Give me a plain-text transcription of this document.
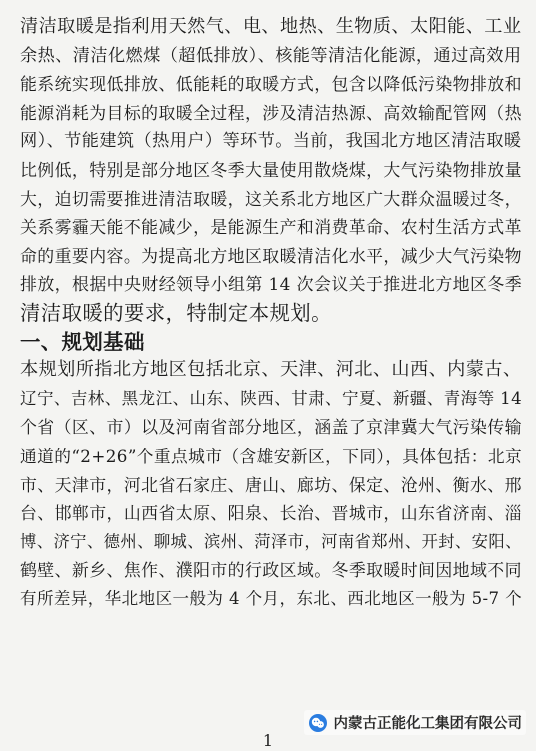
清洁取暖是指利用天然气、电、地热、生物质、太阳能、工业
余热、清洁化燃煤（超低排放）、核能等清洁化能源，通过高效用
能系统实现低排放、低能耗的取暖方式，包含以降低污染物排放和
能源消耗为目标的取暖全过程，涉及清洁热源、高效输配管网（热
网）、节能建筑（热用户）等环节。当前，我国北方地区清洁取暖
比例低，特别是部分地区冬季大量使用散烧煤，大气污染物排放量
大，迫切需要推进清洁取暖，这关系北方地区广大群众温暖过冬，
关系雾霾天能不能减少，是能源生产和消费革命、农村生活方式革
命的重要内容。为提高北方地区取暖清洁化水平，减少大气污染物
排放，根据中央财经领导小组第 14 次会议关于推进北方地区冬季
清洁取暖的要求，特制定本规划。
一、规划基础
本规划所指北方地区包括北京、天津、河北、山西、内蒙古、
辽宁、吉林、黑龙江、山东、陕西、甘肃、宁夏、新疆、青海等 14
个省（区、市）以及河南省部分地区，涵盖了京津冀大气污染传输
通道的“2+26”个重点城市（含雄安新区，下同），具体包括：北京
市、天津市，河北省石家庄、唐山、廊坊、保定、沧州、衡水、邢
台、邯郸市，山西省太原、阳泉、长治、晋城市，山东省济南、淄
博、济宁、德州、聊城、滨州、菏泽市，河南省郑州、开封、安阳、
鹤壁、新乡、焦作、濮阳市的行政区域。冬季取暖时间因地域不同
有所差异，华北地区一般为 4 个月，东北、西北地区一般为 5-7 个
1
内蒙古正能化工集团有限公司
